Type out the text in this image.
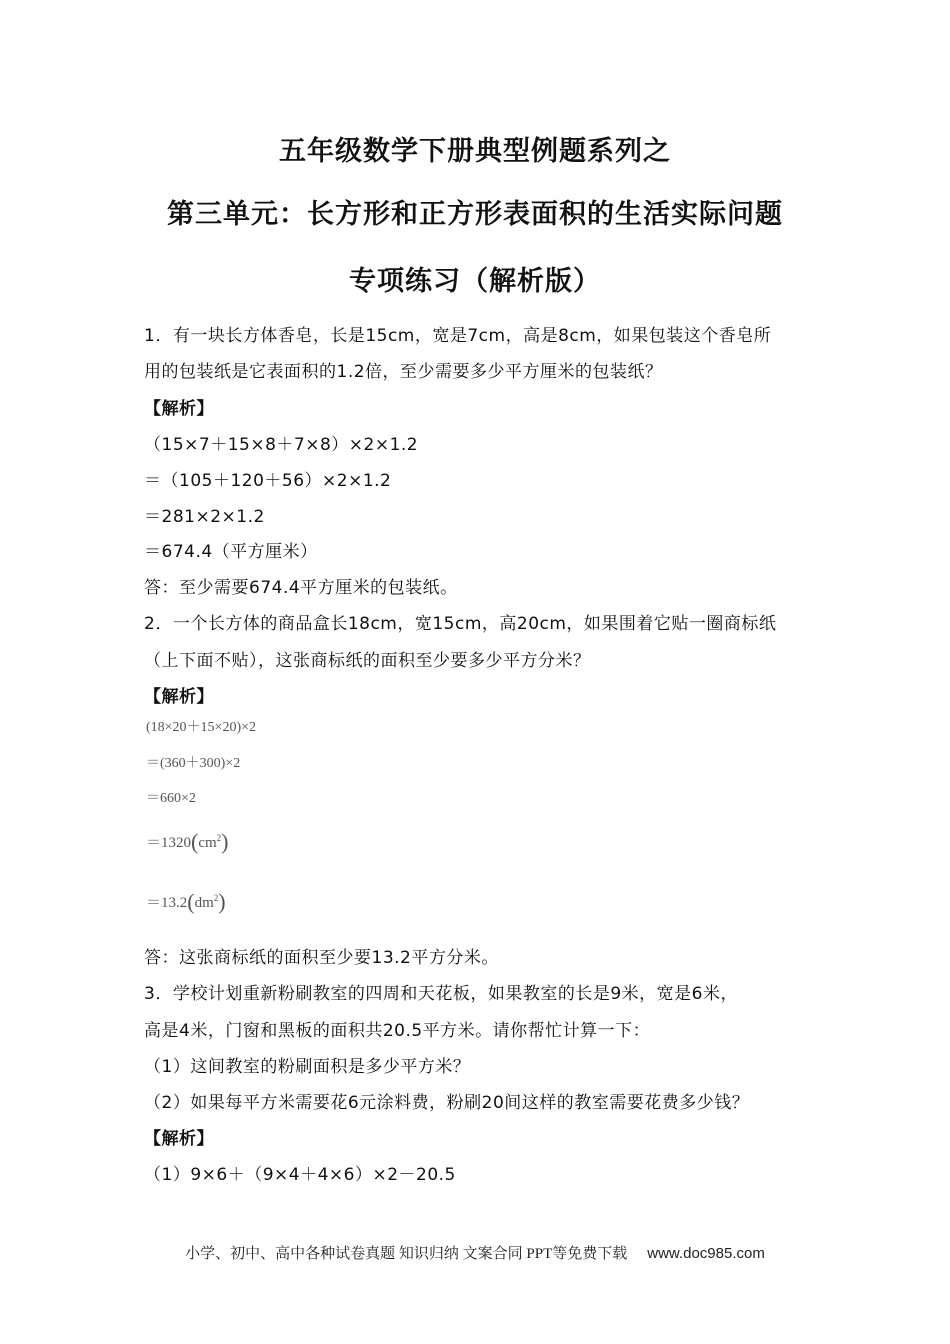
五年级数学下册典型例题系列之
第三单元：长方形和正方形表面积的生活实际问题
专项练习（解析版）
1．有一块长方体香皂，长是15cm，宽是7cm，高是8cm，如果包装这个香皂所
用的包装纸是它表面积的1.2倍，至少需要多少平方厘米的包装纸？
【解析】
（15×7＋15×8＋7×8）×2×1.2
＝（105＋120＋56）×2×1.2
＝281×2×1.2
＝674.4（平方厘米）
答：至少需要674.4平方厘米的包装纸。
2．一个长方体的商品盒长18cm，宽15cm，高20cm，如果围着它贴一圈商标纸
（上下面不贴），这张商标纸的面积至少要多少平方分米？
【解析】
(18×20＋15×20)×2
＝(360＋300)×2
＝660×2
$=1320(cm^2)$
$=13.2(dm^2)$
答：这张商标纸的面积至少要13.2平方分米。
3．学校计划重新粉刷教室的四周和天花板，如果教室的长是9米，宽是6米，
高是4米，门窗和黑板的面积共20.5平方米。请你帮忙计算一下：
（1）这间教室的粉刷面积是多少平方米？
（2）如果每平方米需要花6元涂料费，粉刷20间这样的教室需要花费多少钱？
【解析】
（1）9×6＋（9×4＋4×6）×2－20.5
小学、初中、高中各种试卷真题 知识归纳 文案合同 PPT等免费下载 www.doc985.com
